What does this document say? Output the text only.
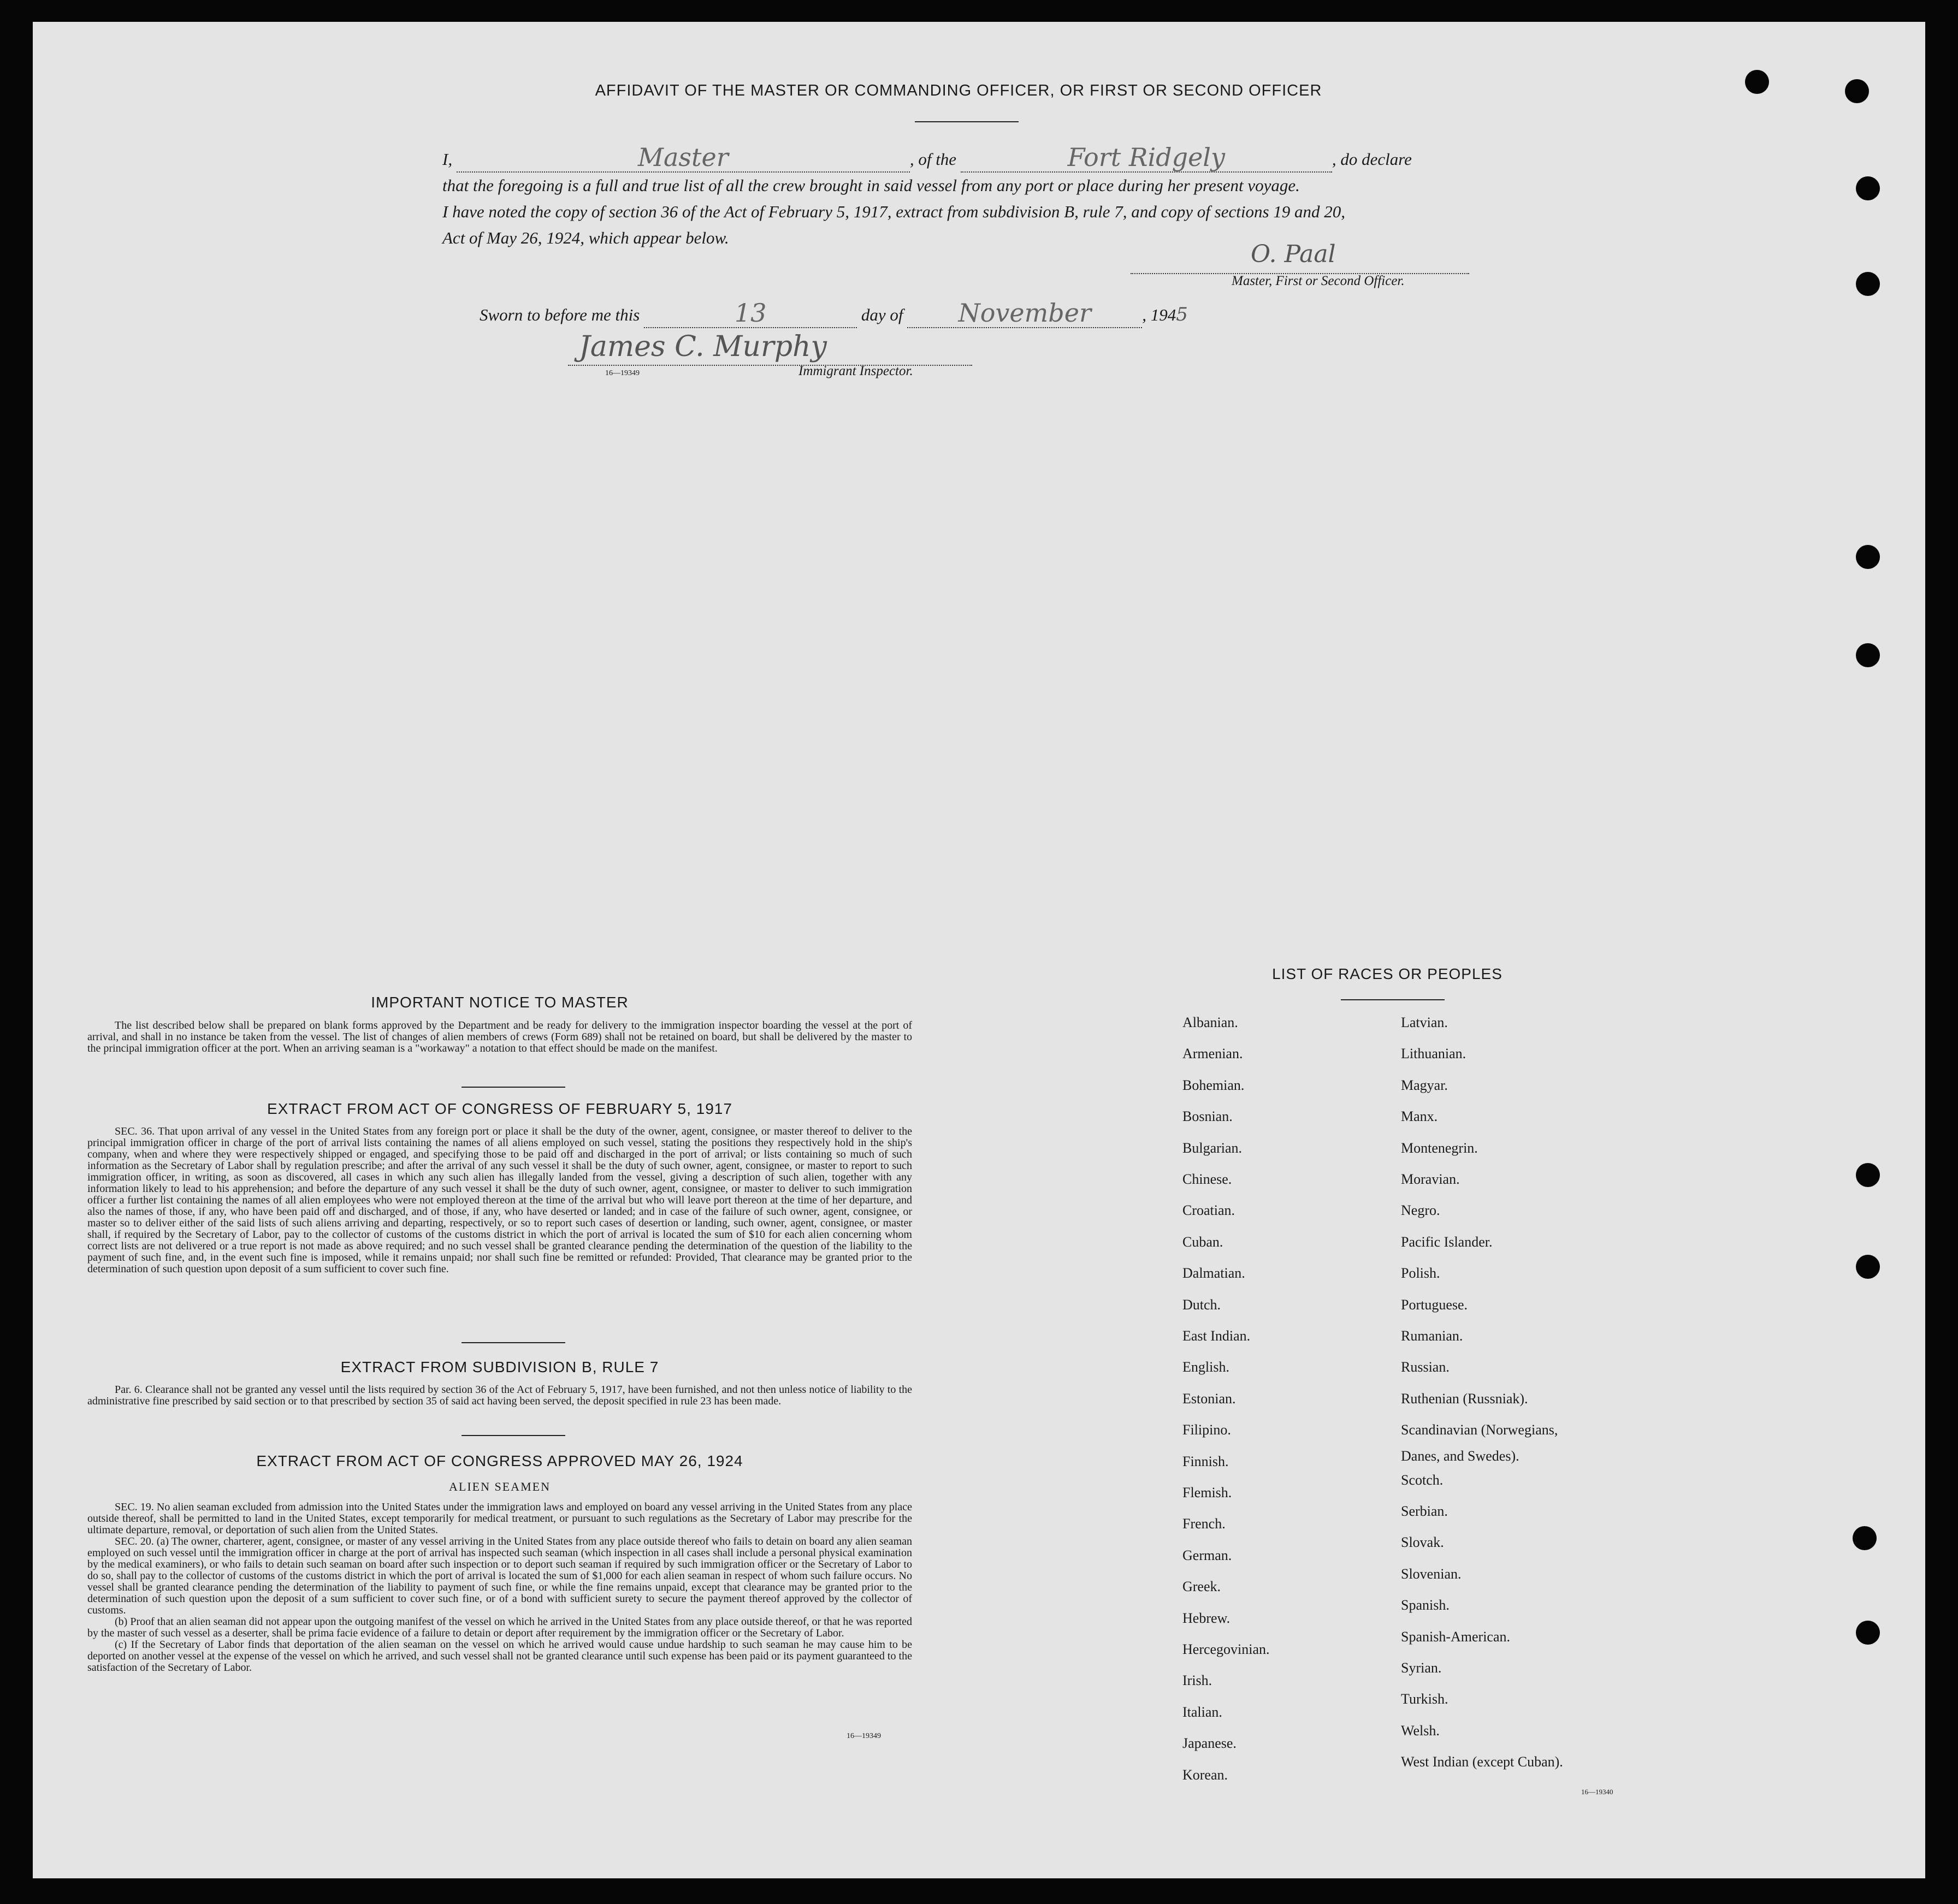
AFFIDAVIT OF THE MASTER OR COMMANDING OFFICER, OR FIRST OR SECOND OFFICER
I,	Master	, of the	Fort Ridgely	, do declare
that the foregoing is a full and true list of all the crew brought in said vessel from any port or place during her present voyage.
I have noted the copy of section 36 of the Act of February 5, 1917, extract from subdivision B, rule 7, and copy of sections 19 and 20,
Act of May 26, 1924, which appear below.
O. Paal
Master, First or Second Officer.
Sworn to before me this	13	day of	November	, 1945
James C. Murphy
16—19349	Immigrant Inspector.
IMPORTANT NOTICE TO MASTER
The list described below shall be prepared on blank forms approved by the Department and be ready for delivery to the immigration inspector boarding the vessel at the port of arrival, and shall in no instance be taken from the vessel. The list of changes of alien members of crews (Form 689) shall not be retained on board, but shall be delivered by the master to the principal immigration officer at the port. When an arriving seaman is a "workaway" a notation to that effect should be made on the manifest.
EXTRACT FROM ACT OF CONGRESS OF FEBRUARY 5, 1917
SEC. 36. That upon arrival of any vessel in the United States from any foreign port or place it shall be the duty of the owner, agent, consignee, or master thereof to deliver to the principal immigration officer in charge of the port of arrival lists containing the names of all aliens employed on such vessel, stating the positions they respectively hold in the ship's company, when and where they were respectively shipped or engaged, and specifying those to be paid off and discharged in the port of arrival; or lists containing so much of such information as the Secretary of Labor shall by regulation prescribe; and after the arrival of any such vessel it shall be the duty of such owner, agent, consignee, or master to report to such immigration officer, in writing, as soon as discovered, all cases in which any such alien has illegally landed from the vessel, giving a description of such alien, together with any information likely to lead to his apprehension; and before the departure of any such vessel it shall be the duty of such owner, agent, consignee, or master to deliver to such immigration officer a further list containing the names of all alien employees who were not employed thereon at the time of the arrival but who will leave port thereon at the time of her departure, and also the names of those, if any, who have been paid off and discharged, and of those, if any, who have deserted or landed; and in case of the failure of such owner, agent, consignee, or master so to deliver either of the said lists of such aliens arriving and departing, respectively, or so to report such cases of desertion or landing, such owner, agent, consignee, or master shall, if required by the Secretary of Labor, pay to the collector of customs of the customs district in which the port of arrival is located the sum of $10 for each alien concerning whom correct lists are not delivered or a true report is not made as above required; and no such vessel shall be granted clearance pending the determination of the question of the liability to the payment of such fine, and, in the event such fine is imposed, while it remains unpaid; nor shall such fine be remitted or refunded: Provided, That clearance may be granted prior to the determination of such question upon deposit of a sum sufficient to cover such fine.
EXTRACT FROM SUBDIVISION B, RULE 7
Par. 6. Clearance shall not be granted any vessel until the lists required by section 36 of the Act of February 5, 1917, have been furnished, and not then unless notice of liability to the administrative fine prescribed by said section or to that prescribed by section 35 of said act having been served, the deposit specified in rule 23 has been made.
EXTRACT FROM ACT OF CONGRESS APPROVED MAY 26, 1924
ALIEN SEAMEN
SEC. 19. No alien seaman excluded from admission into the United States under the immigration laws and employed on board any vessel arriving in the United States from any place outside thereof, shall be permitted to land in the United States, except temporarily for medical treatment, or pursuant to such regulations as the Secretary of Labor may prescribe for the ultimate departure, removal, or deportation of such alien from the United States.
SEC. 20. (a) The owner, charterer, agent, consignee, or master of any vessel arriving in the United States from any place outside thereof who fails to detain on board any alien seaman employed on such vessel until the immigration officer in charge at the port of arrival has inspected such seaman (which inspection in all cases shall include a personal physical examination by the medical examiners), or who fails to detain such seaman on board after such inspection or to deport such seaman if required by such immigration officer or the Secretary of Labor to do so, shall pay to the collector of customs of the customs district in which the port of arrival is located the sum of $1,000 for each alien seaman in respect of whom such failure occurs. No vessel shall be granted clearance pending the determination of the liability to payment of such fine, or while the fine remains unpaid, except that clearance may be granted prior to the determination of such question upon the deposit of a sum sufficient to cover such fine, or of a bond with sufficient surety to secure the payment thereof approved by the collector of customs.
(b) Proof that an alien seaman did not appear upon the outgoing manifest of the vessel on which he arrived in the United States from any place outside thereof, or that he was reported by the master of such vessel as a deserter, shall be prima facie evidence of a failure to detain or deport after requirement by the immigration officer or the Secretary of Labor.
(c) If the Secretary of Labor finds that deportation of the alien seaman on the vessel on which he arrived would cause undue hardship to such seaman he may cause him to be deported on another vessel at the expense of the vessel on which he arrived, and such vessel shall not be granted clearance until such expense has been paid or its payment guaranteed to the satisfaction of the Secretary of Labor.
16—19349
LIST OF RACES OR PEOPLES
Albanian.
Armenian.
Bohemian.
Bosnian.
Bulgarian.
Chinese.
Croatian.
Cuban.
Dalmatian.
Dutch.
East Indian.
English.
Estonian.
Filipino.
Finnish.
Flemish.
French.
German.
Greek.
Hebrew.
Hercegovinian.
Irish.
Italian.
Japanese.
Korean.
Latvian.
Lithuanian.
Magyar.
Manx.
Montenegrin.
Moravian.
Negro.
Pacific Islander.
Polish.
Portuguese.
Rumanian.
Russian.
Ruthenian (Russniak).
Scandinavian (Norwegians,
Scotch.
Serbian.
Slovak.
Slovenian.
Spanish.
Spanish-American.
Syrian.
Turkish.
Welsh.
West Indian (except Cuban).
Danes, and Swedes).
16—19340
